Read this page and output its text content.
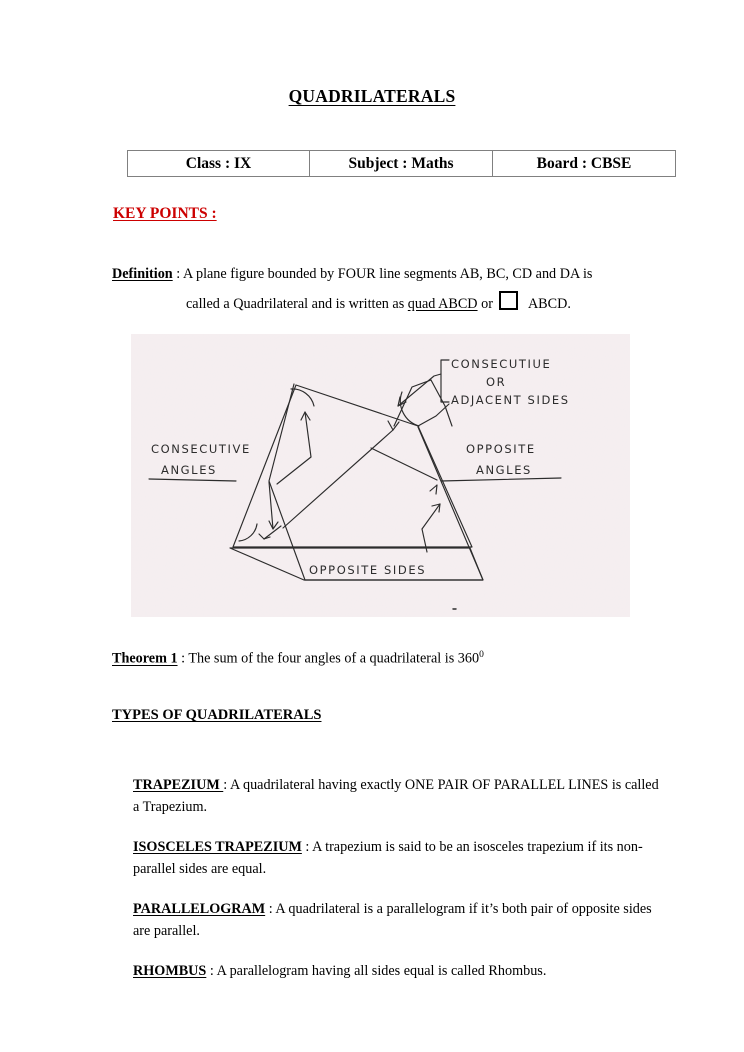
QUADRILATERALS
Class : IX	Subject : Maths	Board : CBSE
KEY POINTS :
Definition : A plane figure bounded by FOUR line segments AB, BC, CD and DA is
called a Quadrilateral and is written as quad ABCD or ABCD.
CONSECUTIUE
OR
ADJACENT SIDES
CONSECUTIVE
ANGLES
OPPOSITE
ANGLES
OPPOSITE SIDES
Theorem 1 : The sum of the four angles of a quadrilateral is $360^0$
TYPES OF QUADRILATERALS

TRAPEZIUM : A quadrilateral having exactly ONE PAIR OF PARALLEL LINES is called a Trapezium.

ISOSCELES TRAPEZIUM : A trapezium is said to be an isosceles trapezium if its non-parallel sides are equal.

PARALLELOGRAM : A quadrilateral is a parallelogram if it’s both pair of opposite sides are parallel.

RHOMBUS : A parallelogram having all sides equal is called Rhombus.
